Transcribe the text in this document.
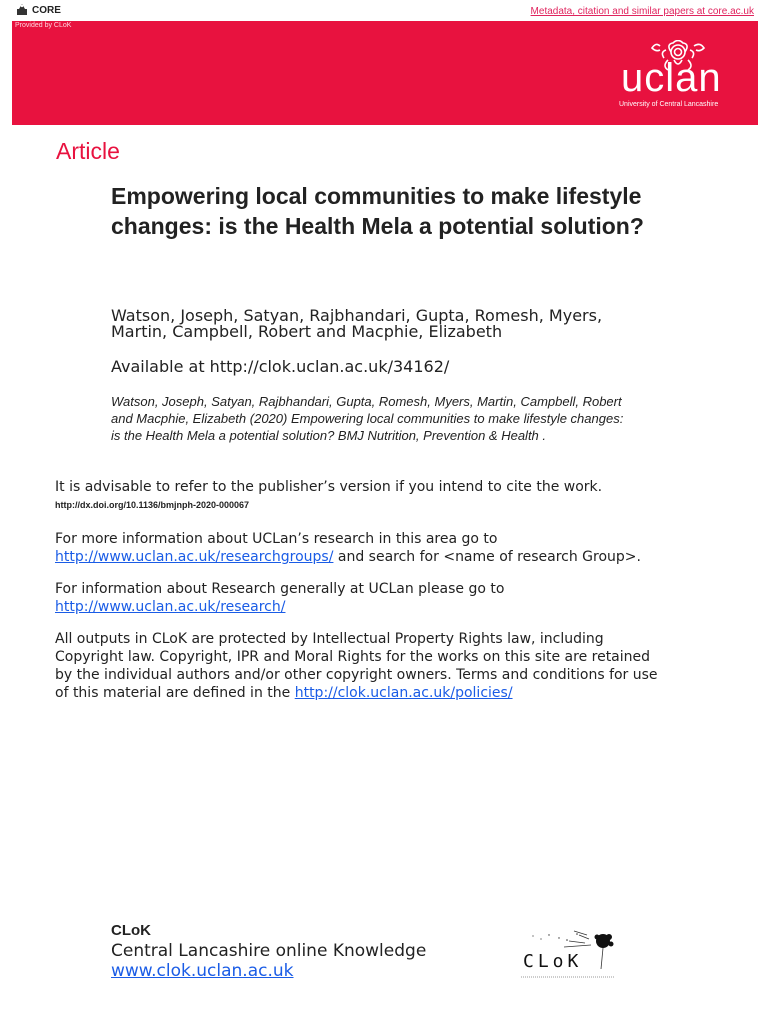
CORE	Metadata, citation and similar papers at core.ac.uk
Provided by CLoK
uclan
University of Central Lancashire
Article
Empowering local communities to make lifestyle
changes: is the Health Mela a potential solution?
Watson, Joseph, Satyan, Rajbhandari, Gupta, Romesh, Myers,
Martin, Campbell, Robert and Macphie, Elizabeth
Available at http://clok.uclan.ac.uk/34162/
Watson, Joseph, Satyan, Rajbhandari, Gupta, Romesh, Myers, Martin, Campbell, Robert
and Macphie, Elizabeth (2020) Empowering local communities to make lifestyle changes:
is the Health Mela a potential solution? BMJ Nutrition, Prevention & Health .
It is advisable to refer to the publisher’s version if you intend to cite the work.
http://dx.doi.org/10.1136/bmjnph-2020-000067
For more information about UCLan’s research in this area go to
http://www.uclan.ac.uk/researchgroups/ and search for <name of research Group>.
For information about Research generally at UCLan please go to
http://www.uclan.ac.uk/research/
All outputs in CLoK are protected by Intellectual Property Rights law, including
Copyright law. Copyright, IPR and Moral Rights for the works on this site are retained
by the individual authors and/or other copyright owners. Terms and conditions for use
of this material are defined in the http://clok.uclan.ac.uk/policies/
CLoK
Central Lancashire online Knowledge
www.clok.uclan.ac.uk	CLoK
